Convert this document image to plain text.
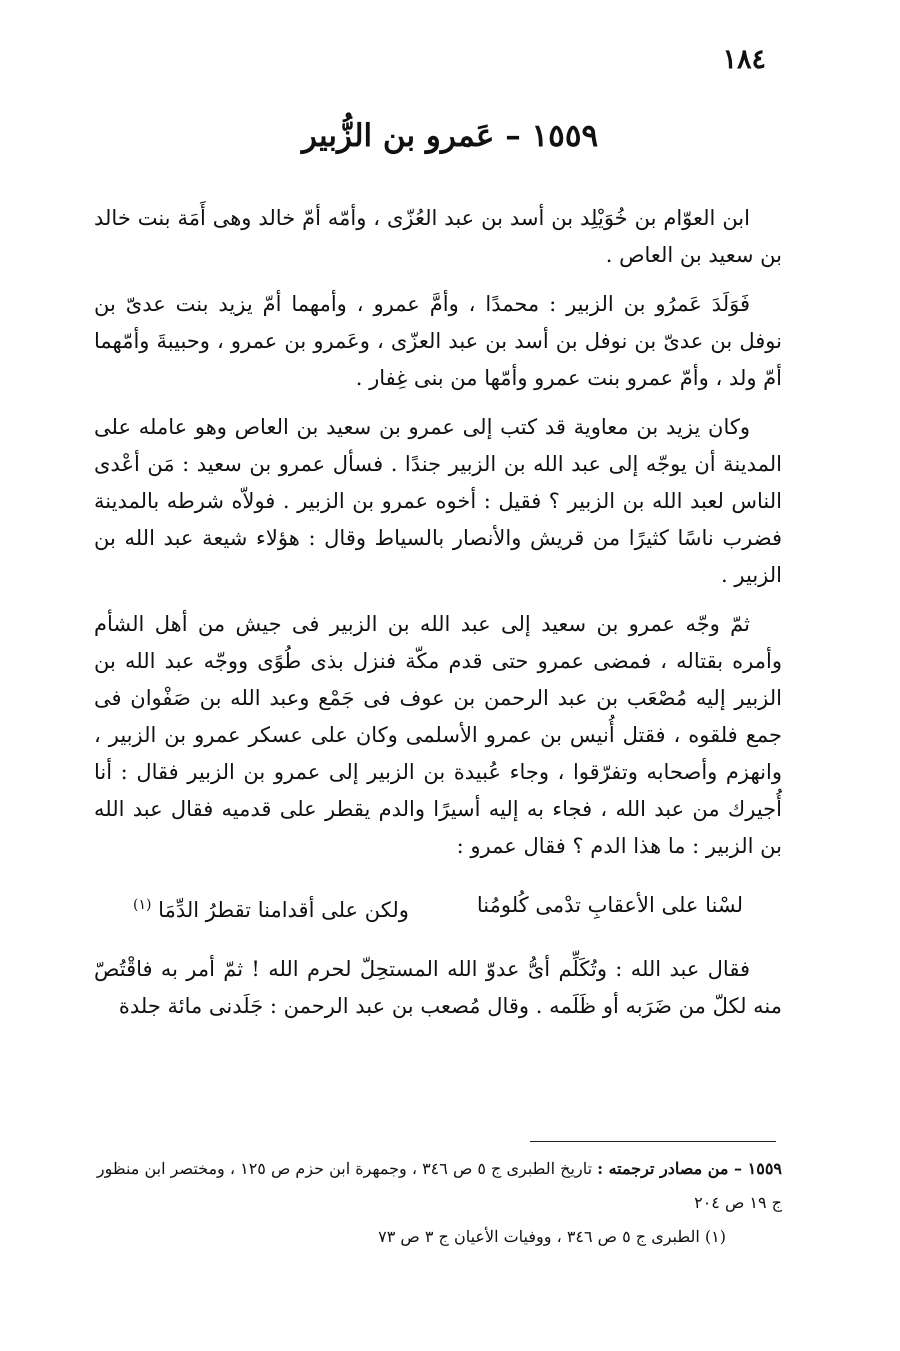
١٨٤
١٥٥٩ – عَمرو بن الزُّبير

ابن العوّام بن خُوَيْلِد بن أسد بن عبد العُزّى ، وأمّه أمّ خالد وهى أَمَة بنت خالد بن سعيد بن العاص .

فَوَلَدَ عَمرُو بن الزبير : محمدًا ، وأمَّ عمرو ، وأمهما أمّ يزيد بنت عدىّ بن نوفل بن عدىّ بن نوفل بن أسد بن عبد العزّى ، وعَمرو بن عمرو ، وحبيبةَ وأمّهما أمّ ولد ، وأمّ عمرو بنت عمرو وأمّها من بنى غِفار .

وكان يزيد بن معاوية قد كتب إلى عمرو بن سعيد بن العاص وهو عامله على المدينة أن يوجّه إلى عبد الله بن الزبير جندًا . فسأل عمرو بن سعيد : مَن أعْدى الناس لعبد الله بن الزبير ؟ فقيل : أخوه عمرو بن الزبير . فولاّه شرطه بالمدينة فضرب ناسًا كثيرًا من قريش والأنصار بالسياط وقال : هؤلاء شيعة عبد الله بن الزبير .

ثمّ وجّه عمرو بن سعيد إلى عبد الله بن الزبير فى جيش من أهل الشأم وأمره بقتاله ، فمضى عمرو حتى قدم مكّة فنزل بذى طُوًى ووجّه عبد الله بن الزبير إليه مُصْعَب بن عبد الرحمن بن عوف فى جَمْع وعبد الله بن صَفْوان فى جمع فلقوه ، فقتل أُنيس بن عمرو الأسلمى وكان على عسكر عمرو بن الزبير ، وانهزم وأصحابه وتفرّقوا ، وجاء عُبيدة بن الزبير إلى عمرو بن الزبير فقال : أنا أُجيرك من عبد الله ، فجاء به إليه أسيرًا والدم يقطر على قدميه فقال عبد الله بن الزبير : ما هذا الدم ؟ فقال عمرو :

لسْنا على الأعقابِ تدْمى كُلومُنا
ولكن على أقدامنا تقطرُ الدِّمَا $^{(١)}$

فقال عبد الله : وتُكَلِّم أىُّ عدوّ الله المستحِلّ لحرم الله ! ثمّ أمر به فاقْتُصّ منه لكلّ من ضَرَبه أو ظَلَمه . وقال مُصعب بن عبد الرحمن : جَلَدنى مائة جلدة

١٥٥٩ – من مصادر ترجمته : تاريخ الطبرى ج ٥ ص ٣٤٦ ، وجمهرة ابن حزم ص ١٢٥ ، ومختصر ابن منظور ج ١٩ ص ٢٠٤

(١) الطبرى ج ٥ ص ٣٤٦ ، ووفيات الأعيان ج ٣ ص ٧٣
